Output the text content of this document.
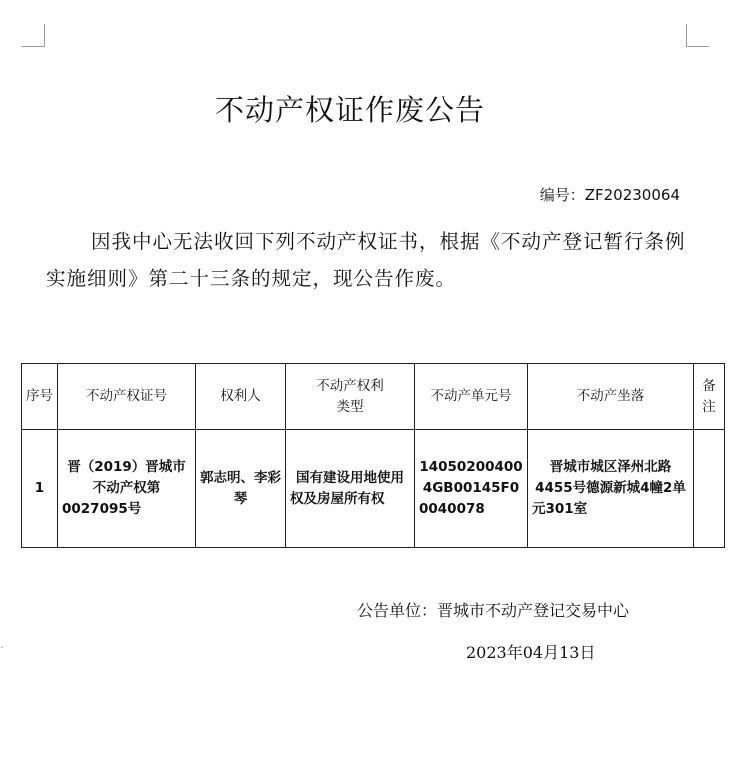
ˇ
不动产权证作废公告
编号：ZF20230064
因我中心无法收回下列不动产权证书，根据《不动产登记暂行条例实施细则》第二十三条的规定，现公告作废。
序号	不动产权证号	权利人	不动产权利类型	不动产单元号	不动产坐落	备注
1	晋（2019）晋城市不动产权第0027095号	郭志明、李彩琴	国有建设用地使用权及房屋所有权	140502004004GB00145F00040078	晋城市城区泽州北路4455号德源新城4幢2单元301室	
公告单位：晋城市不动产登记交易中心
2023年04月13日
